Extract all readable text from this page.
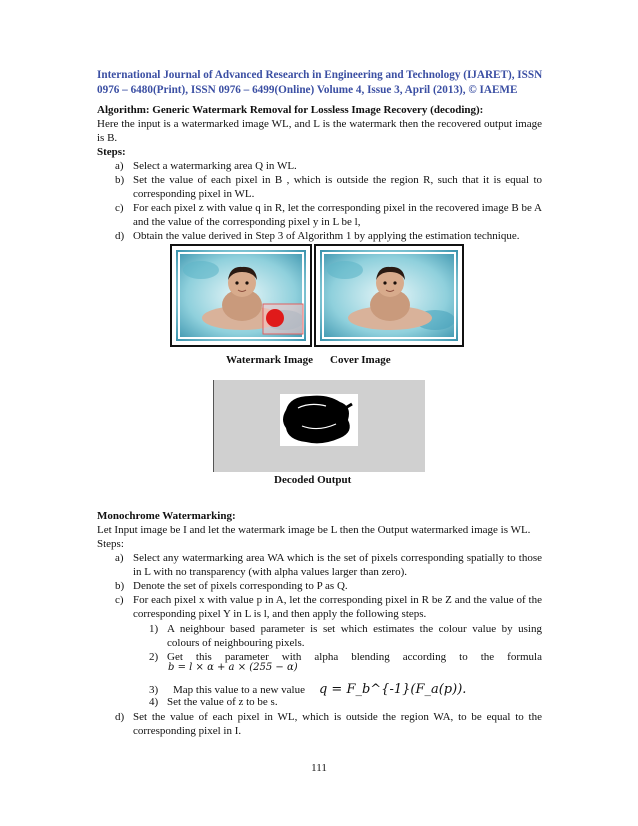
International Journal of Advanced Research in Engineering and Technology (IJARET), ISSN
0976 – 6480(Print), ISSN 0976 – 6499(Online) Volume 4, Issue 3, April (2013), © IAEME
Algorithm: Generic Watermark Removal for Lossless Image Recovery (decoding):
Here the input is a watermarked image WL, and L is the watermark then the recovered output image is B.
Steps:
a) Select a watermarking area Q in WL.
b) Set the value of each pixel in B , which is outside the region R, such that it is equal to corresponding pixel in WL.
c) For each pixel z with value q in R, let the corresponding pixel in the recovered image B be A and the value of the corresponding pixel y in L be l,
d) Obtain the value derived in Step 3 of Algorithm 1 by applying the estimation technique.
Watermark Image Cover Image
Decoded Output
Monochrome Watermarking:
Let Input image be I and let the watermark image be L then the Output watermarked image is WL.
Steps:
a) Select any watermarking area WA which is the set of pixels corresponding spatially to those in L with no transparency (with alpha values larger than zero).
b) Denote the set of pixels corresponding to P as Q.
c) For each pixel x with value p in A, let the corresponding pixel in R be Z and the value of the corresponding pixel Y in L is l, and then apply the following steps.
1) A neighbour based parameter is set which estimates the colour value by using colours of neighbouring pixels.
2) Get this parameter with alpha blending according to the formula
b = l × α + a × (255 − α)
3)	Map this value to a new value q = F_b^{-1}(F_a(p)).
4) Set the value of z to be s.
d) Set the value of each pixel in WL, which is outside the region WA, to be equal to the corresponding pixel in I.
111
